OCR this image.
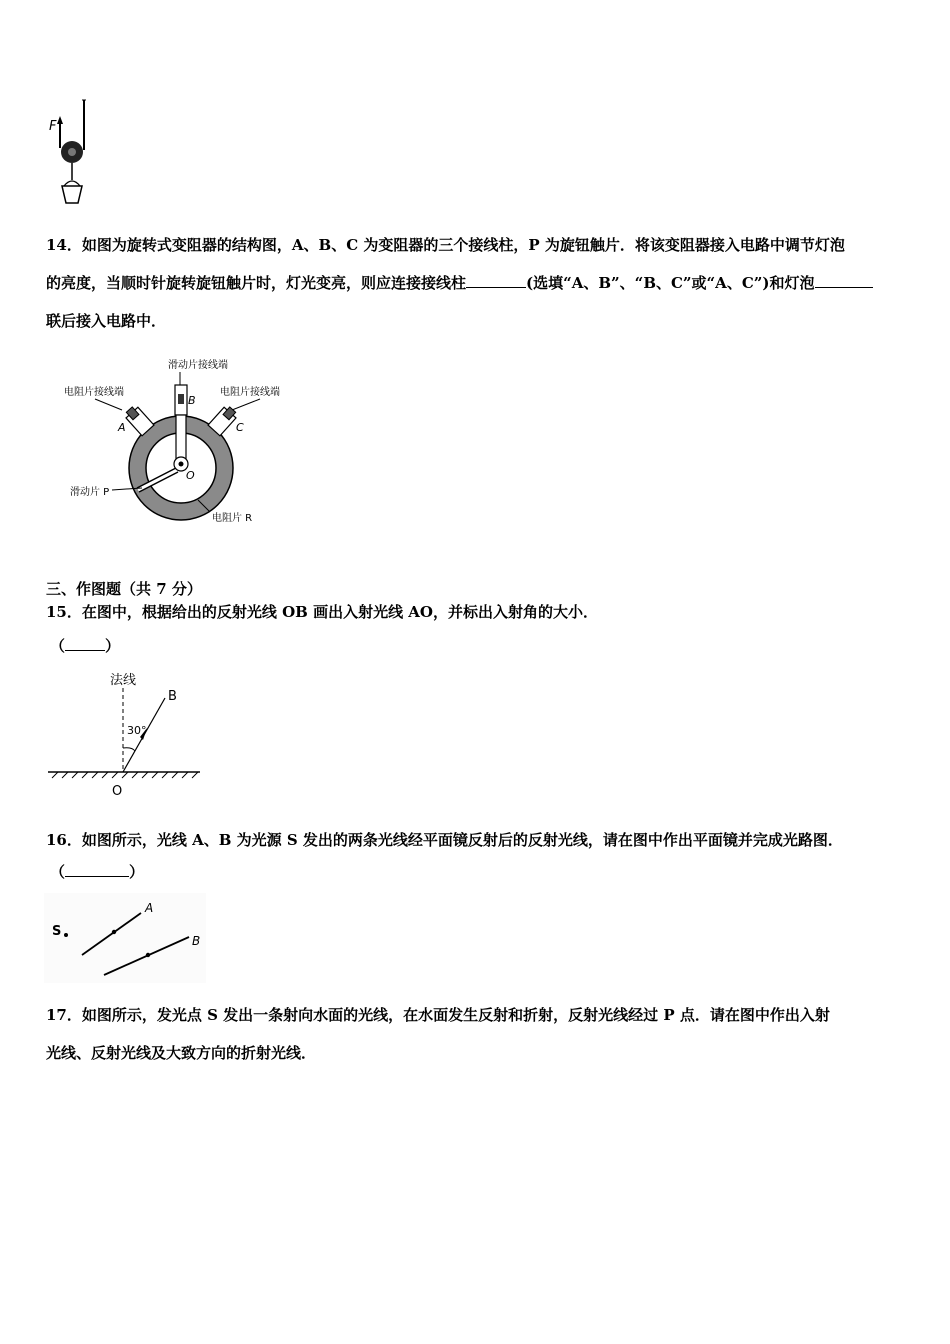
F
14．如图为旋转式变阻器的结构图，A、B、C 为变阻器的三个接线柱，P 为旋钮触片．将该变阻器接入电路中调节灯泡
的亮度，当顺时针旋转旋钮触片时，灯光变亮，则应连接接线柱	(选填“A、B”、“B、C”或“A、C”)和灯泡
联后接入电路中．
滑动片接线端
电阻片接线端	电阻片接线端
A
B
C
O
滑动片 P
电阻片 R
三、作图题（共 7 分）
15．在图中，根据给出的反射光线 OB 画出入射光线 AO，并标出入射角的大小．
（	）
法线
30°
B
O
16．如图所示，光线 A、B 为光源 S 发出的两条光线经平面镜反射后的反射光线，请在图中作出平面镜并完成光路图．
（	）
S
A
B
17．如图所示，发光点 S 发出一条射向水面的光线，在水面发生反射和折射，反射光线经过 P 点．请在图中作出入射
光线、反射光线及大致方向的折射光线．
